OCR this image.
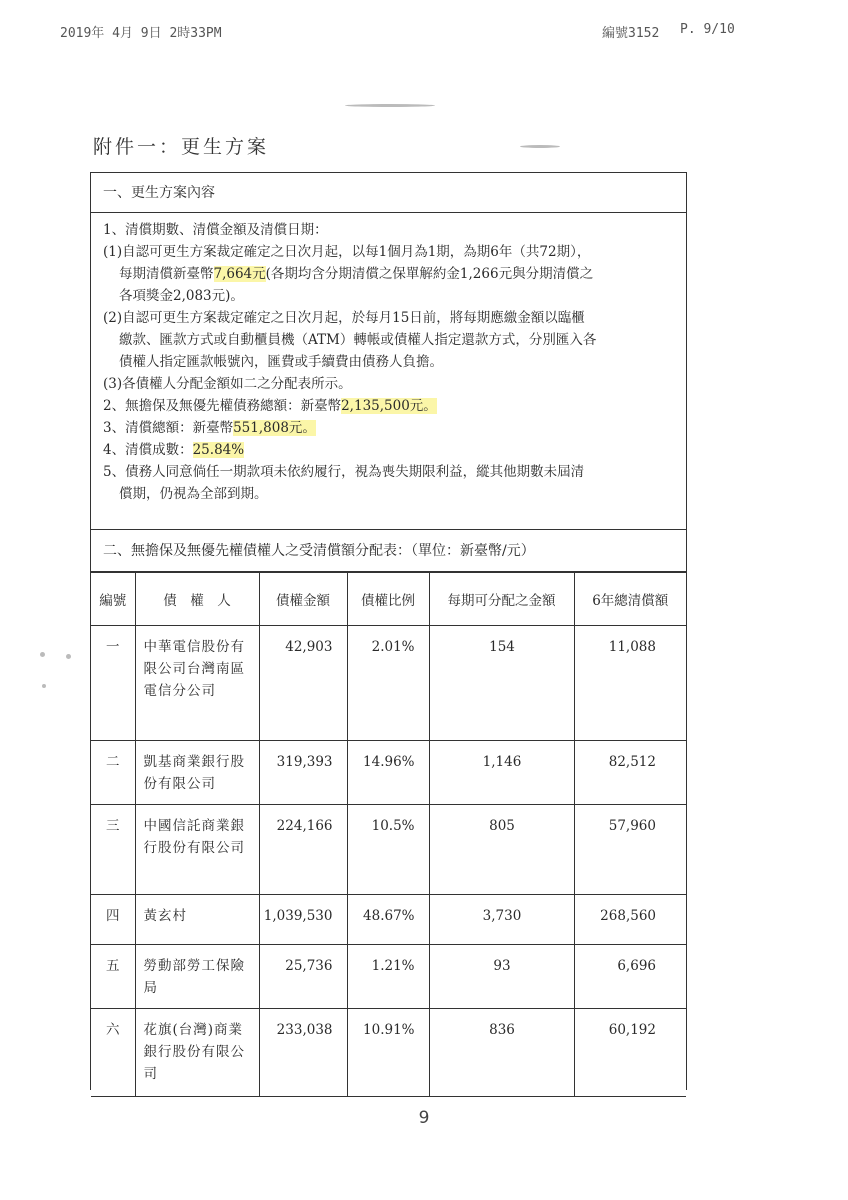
2019年 4月 9日 2時33PM	編號3152 P. 9/10
附件一：更生方案
一、更生方案內容
1、清償期數、清償金額及清償日期：
(1)自認可更生方案裁定確定之日次月起，以每1個月為1期，為期6年（共72期），
每期清償新臺幣7,664元(各期均含分期清償之保單解約金1,266元與分期清償之
各項獎金2,083元)。
(2)自認可更生方案裁定確定之日次月起，於每月15日前，將每期應繳金額以臨櫃
繳款、匯款方式或自動櫃員機（ATM）轉帳或債權人指定還款方式，分別匯入各
債權人指定匯款帳號內，匯費或手續費由債務人負擔。
(3)各債權人分配金額如二之分配表所示。
2、無擔保及無優先權債務總額：新臺幣2,135,500元。
3、清償總額：新臺幣551,808元。
4、清償成數：25.84%
5、債務人同意倘任一期款項未依約履行，視為喪失期限利益，縱其他期數未屆清
償期，仍視為全部到期。
二、無擔保及無優先權債權人之受清償額分配表：（單位：新臺幣/元）
編號	債　權　人	債權金額	債權比例	每期可分配之金額	6年總清償額
一	中華電信股份有限公司台灣南區電信分公司	42,903	2.01%	154	11,088
二	凱基商業銀行股份有限公司	319,393	14.96%	1,146	82,512
三	中國信託商業銀行股份有限公司	224,166	10.5%	805	57,960
四	黃玄村	1,039,530	48.67%	3,730	268,560
五	勞動部勞工保險局	25,736	1.21%	93	6,696
六	花旗(台灣)商業銀行股份有限公司	233,038	10.91%	836	60,192
9
